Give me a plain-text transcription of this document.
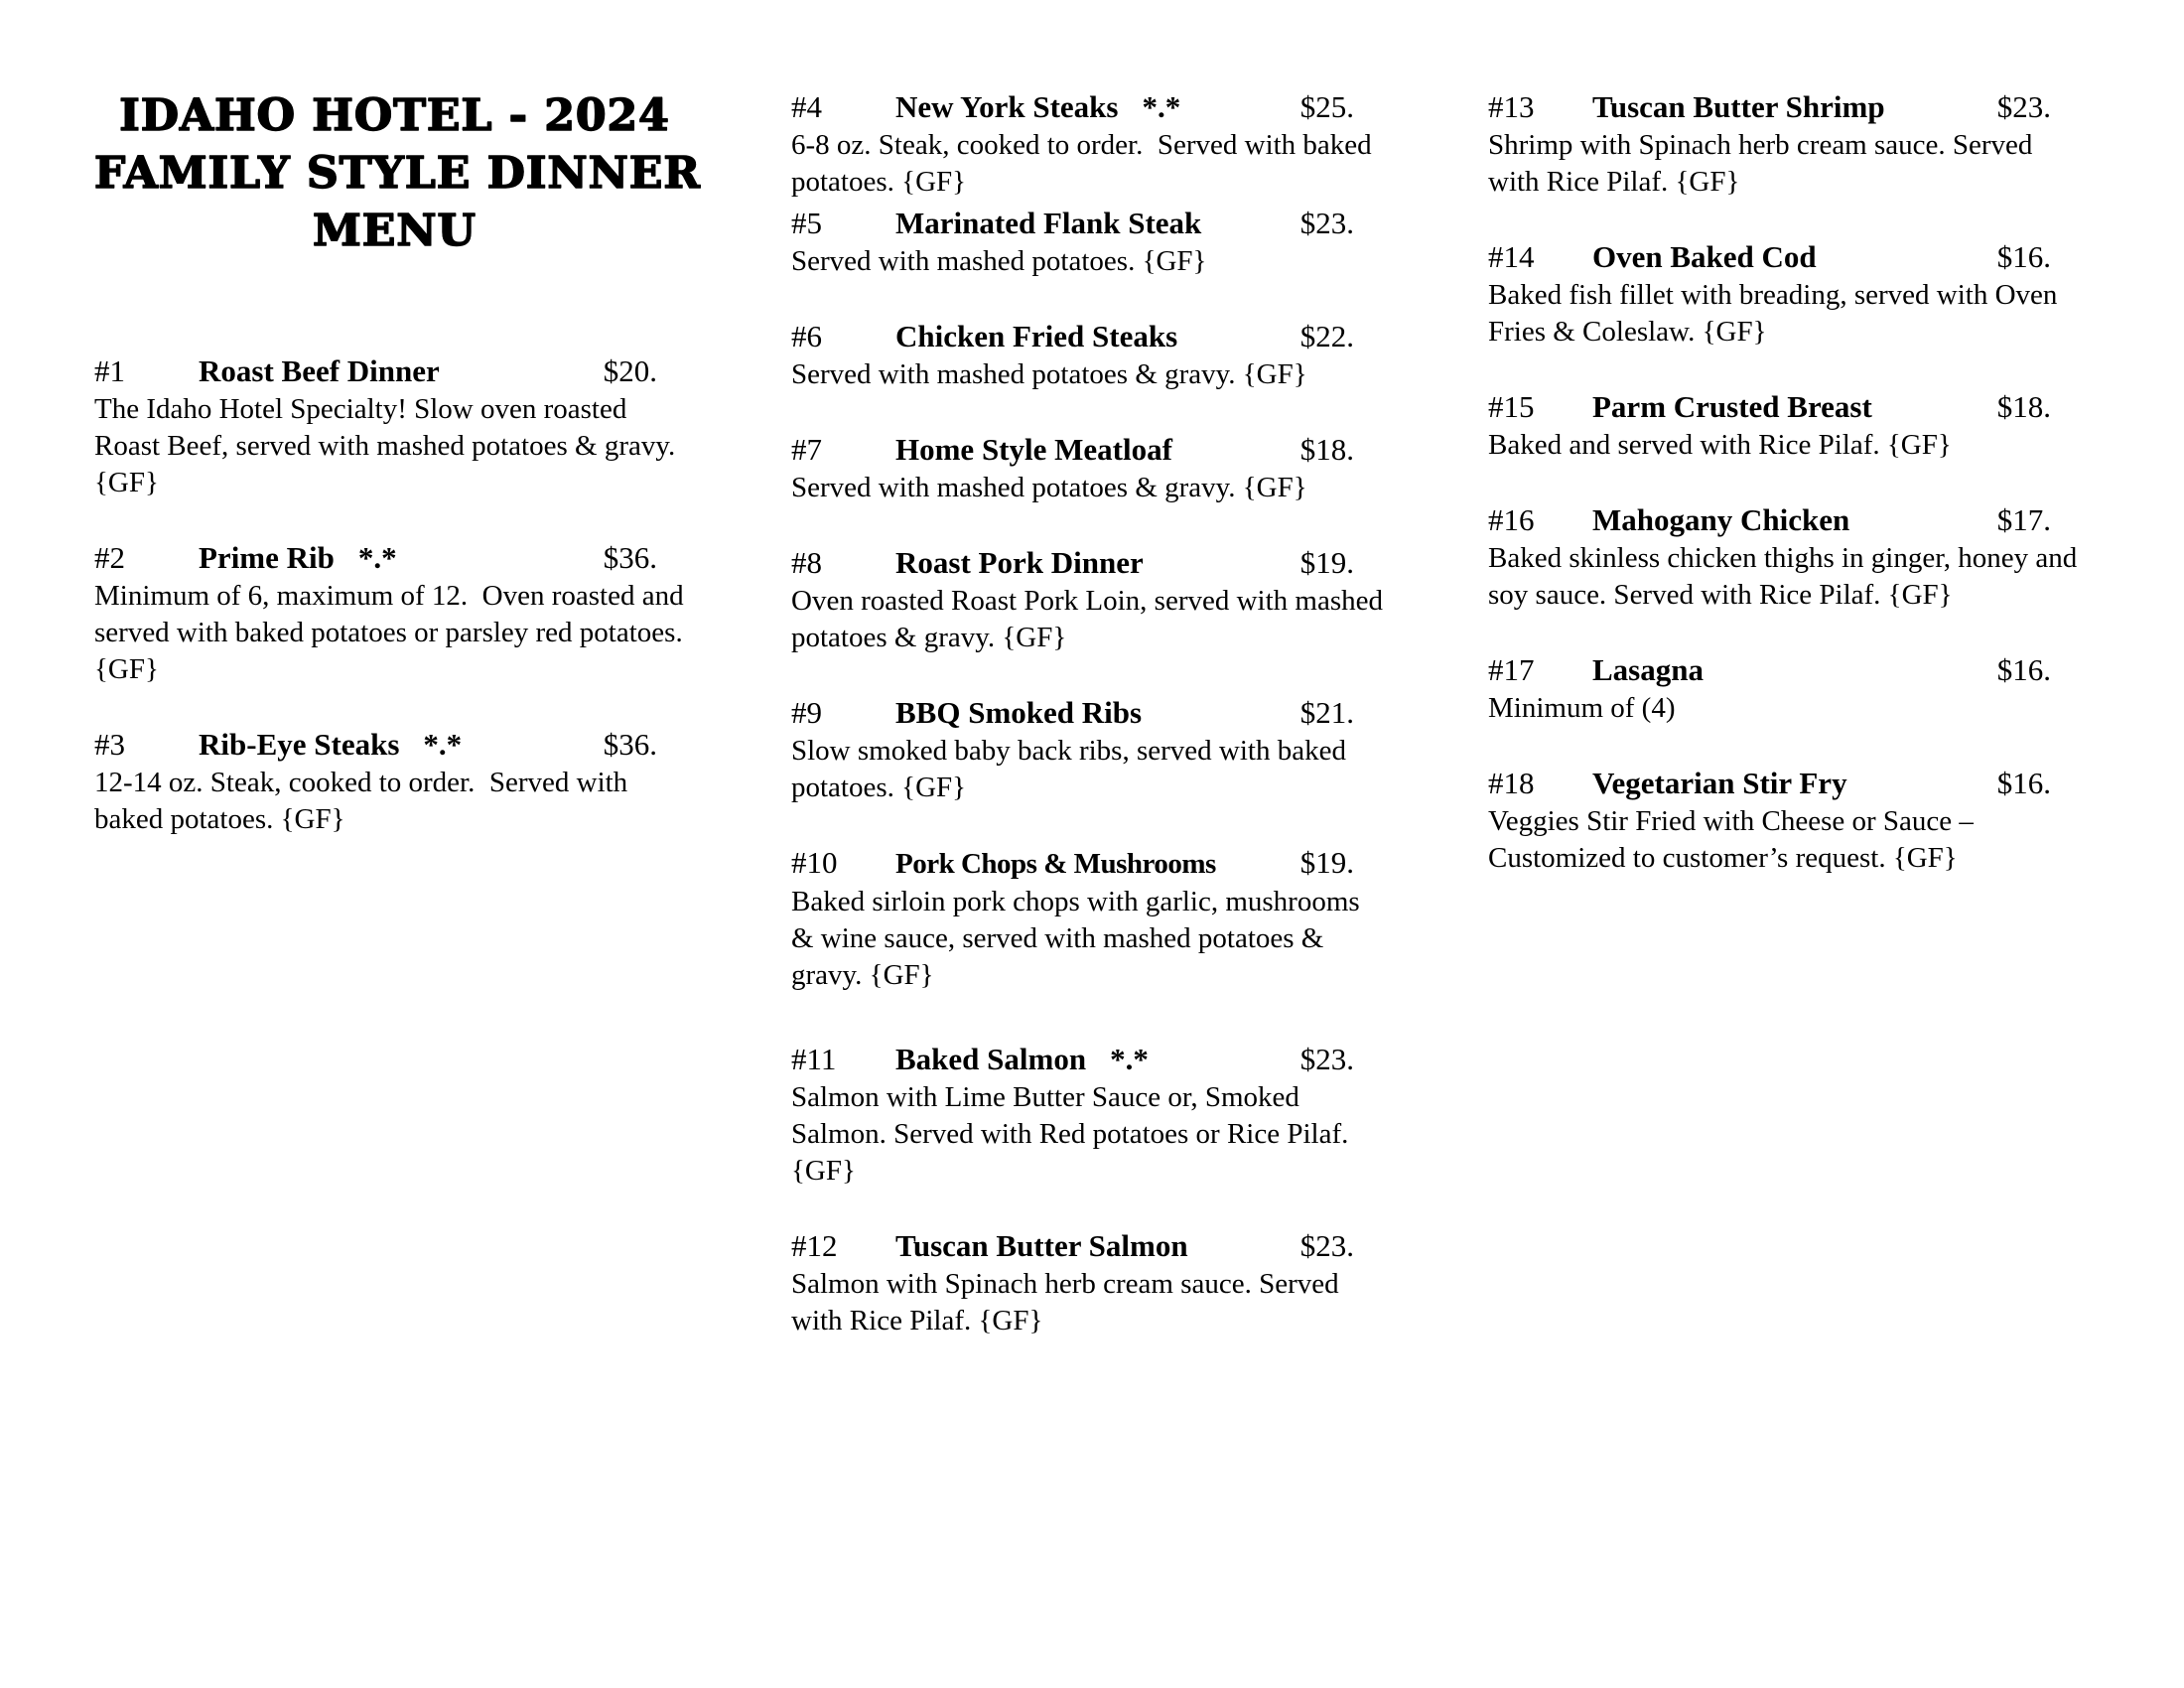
IDAHO HOTEL - 2024
FAMILY STYLE DINNER
MENU

#1	Roast Beef Dinner	$20.

The Idaho Hotel Specialty! Slow oven roasted Roast Beef, served with mashed potatoes & gravy. {GF}

#2	Prime Rib *.*	$36.

Minimum of 6, maximum of 12.  Oven roasted and served with baked potatoes or parsley red potatoes. {GF}

#3	Rib-Eye Steaks *.*	$36.

12-14 oz. Steak, cooked to order.  Served with baked potatoes. {GF}

#4	New York Steaks *.*	$25.

6-8 oz. Steak, cooked to order.  Served with baked potatoes. {GF}

#5	Marinated Flank Steak	$23.

Served with mashed potatoes. {GF}

#6	Chicken Fried Steaks	$22.

Served with mashed potatoes & gravy. {GF}

#7	Home Style Meatloaf	$18.

Served with mashed potatoes & gravy. {GF}

#8	Roast Pork Dinner	$19.

Oven roasted Roast Pork Loin, served with mashed potatoes & gravy. {GF}

#9	BBQ Smoked Ribs	$21.

Slow smoked baby back ribs, served with baked potatoes. {GF}

#10	Pork Chops & Mushrooms	$19.

Baked sirloin pork chops with garlic, mushrooms & wine sauce, served with mashed potatoes & gravy. {GF}

#11	Baked Salmon *.*	$23.

Salmon with Lime Butter Sauce or, Smoked Salmon. Served with Red potatoes or Rice Pilaf. {GF}

#12	Tuscan Butter Salmon	$23.

Salmon with Spinach herb cream sauce. Served with Rice Pilaf. {GF}

#13	Tuscan Butter Shrimp	$23.

Shrimp with Spinach herb cream sauce. Served with Rice Pilaf. {GF}

#14	Oven Baked Cod	$16.

Baked fish fillet with breading, served with Oven Fries & Coleslaw. {GF}

#15	Parm Crusted Breast	$18.

Baked and served with Rice Pilaf. {GF}

#16	Mahogany Chicken	$17.

Baked skinless chicken thighs in ginger, honey and soy sauce. Served with Rice Pilaf. {GF}

#17	Lasagna	$16.

Minimum of (4)

#18	Vegetarian Stir Fry	$16.

Veggies Stir Fried with Cheese or Sauce – Customized to customer’s request. {GF}
